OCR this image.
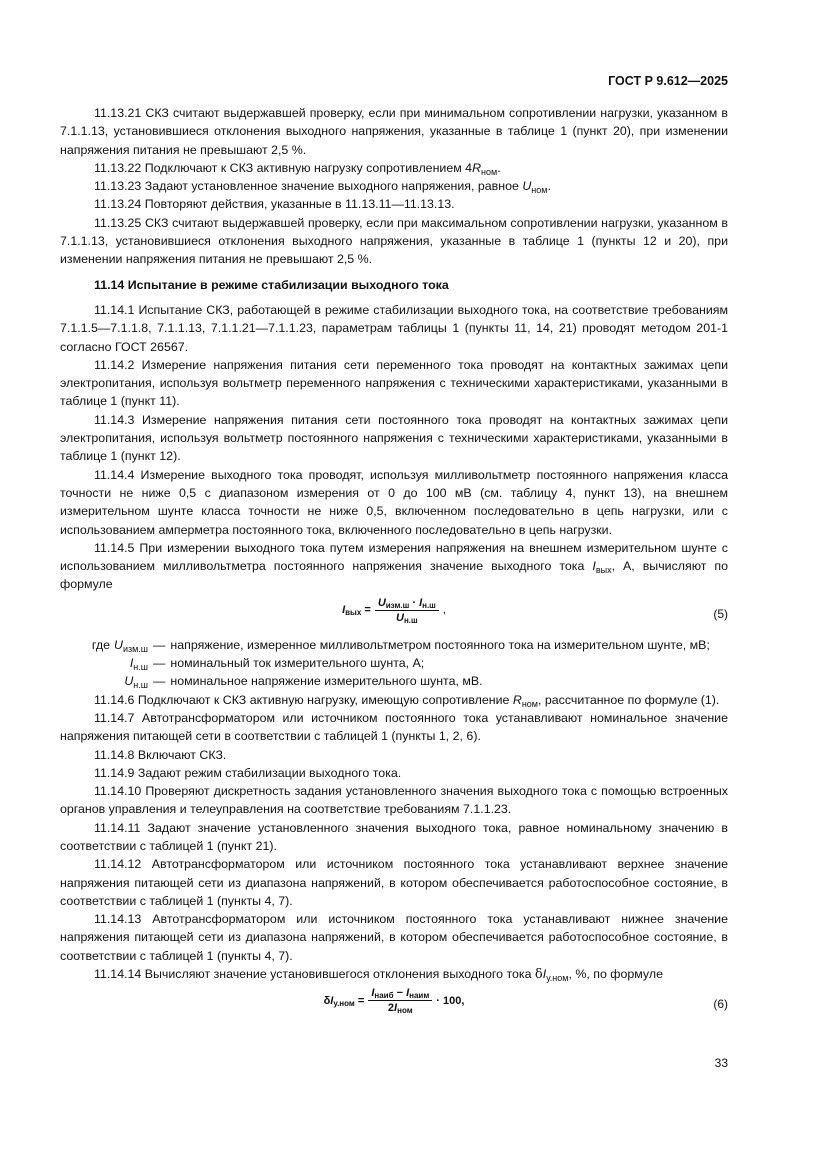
ГОСТ Р 9.612—2025

11.13.21 СКЗ считают выдержавшей проверку, если при минимальном сопротивлении нагрузки, указанном в 7.1.1.13, установившиеся отклонения выходного напряжения, указанные в таблице 1 (пункт 20), при изменении напряжения питания не превышают 2,5 %.

11.13.22 Подключают к СКЗ активную нагрузку сопротивлением $4R_{ном}$.

11.13.23 Задают установленное значение выходного напряжения, равное $U_{ном}$.

11.13.24 Повторяют действия, указанные в 11.13.11—11.13.13.

11.13.25 СКЗ считают выдержавшей проверку, если при максимальном сопротивлении нагрузки, указанном в 7.1.1.13, установившиеся отклонения выходного напряжения, указанные в таблице 1 (пункты 12 и 20), при изменении напряжения питания не превышают 2,5 %.

11.14 Испытание в режиме стабилизации выходного тока

11.14.1 Испытание СКЗ, работающей в режиме стабилизации выходного тока, на соответствие требованиям 7.1.1.5—7.1.1.8, 7.1.1.13, 7.1.1.21—7.1.1.23, параметрам таблицы 1 (пункты 11, 14, 21) проводят методом 201-1 согласно ГОСТ 26567.

11.14.2 Измерение напряжения питания сети переменного тока проводят на контактных зажимах цепи электропитания, используя вольтметр переменного напряжения с техническими характеристиками, указанными в таблице 1 (пункт 11).

11.14.3 Измерение напряжения питания сети постоянного тока проводят на контактных зажимах цепи электропитания, используя вольтметр постоянного напряжения с техническими характеристиками, указанными в таблице 1 (пункт 12).

11.14.4 Измерение выходного тока проводят, используя милливольтметр постоянного напряжения класса точности не ниже 0,5 с диапазоном измерения от 0 до 100 мВ (см. таблицу 4, пункт 13), на внешнем измерительном шунте класса точности не ниже 0,5, включенном последовательно в цепь нагрузки, или с использованием амперметра постоянного тока, включенного последовательно в цепь нагрузки.

11.14.5 При измерении выходного тока путем измерения напряжения на внешнем измерительном шунте с использованием милливольтметра постоянного напряжения значение выходного тока $I_{вых}$, А, вычисляют по формуле

$I_{вых} = \frac{U_{изм.ш} \cdot I_{н.ш}}{U_{н.ш}}$ ,	(5)
где $U_{изм.ш}$ — напряжение, измеренное милливольтметром постоянного тока на измерительном шунте, мВ;
$I_{н.ш}$ — номинальный ток измерительного шунта, А;
$U_{н.ш}$ — номинальное напряжение измерительного шунта, мВ.

11.14.6 Подключают к СКЗ активную нагрузку, имеющую сопротивление $R_{ном}$, рассчитанное по формуле (1).

11.14.7 Автотрансформатором или источником постоянного тока устанавливают номинальное значение напряжения питающей сети в соответствии с таблицей 1 (пункты 1, 2, 6).

11.14.8 Включают СКЗ.

11.14.9 Задают режим стабилизации выходного тока.

11.14.10 Проверяют дискретность задания установленного значения выходного тока с помощью встроенных органов управления и телеуправления на соответствие требованиям 7.1.1.23.

11.14.11 Задают значение установленного значения выходного тока, равное номинальному значению в соответствии с таблицей 1 (пункт 21).

11.14.12 Автотрансформатором или источником постоянного тока устанавливают верхнее значение напряжения питающей сети из диапазона напряжений, в котором обеспечивается работоспособное состояние, в соответствии с таблицей 1 (пункты 4, 7).

11.14.13 Автотрансформатором или источником постоянного тока устанавливают нижнее значение напряжения питающей сети из диапазона напряжений, в котором обеспечивается работоспособное состояние, в соответствии с таблицей 1 (пункты 4, 7).

11.14.14 Вычисляют значение установившегося отклонения выходного тока $\delta I_{у.ном}$, %, по формуле

$\delta I_{у.ном} = \frac{I_{наиб} - I_{наим}}{2I_{ном}} \cdot 100$,	(6)
33
